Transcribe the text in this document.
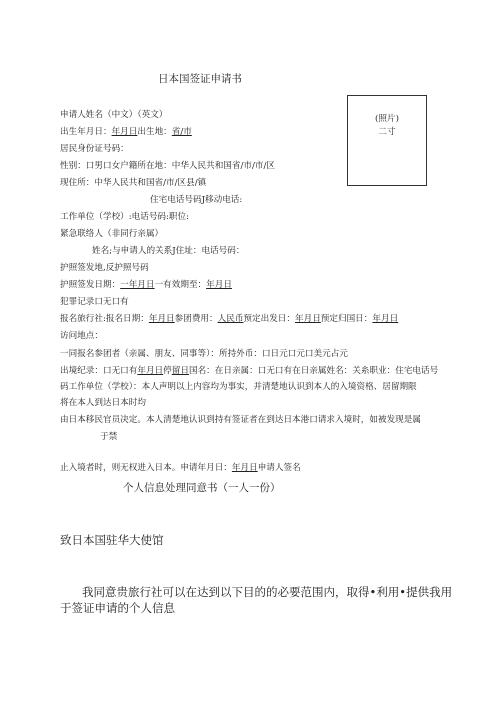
日本国签证申请书
(照片)
二寸
申请人姓名（中文）（英文）
出生年月日：年月日出生地：省/市
居民身份证号码：
性别：口男口女户籍所在地：中华人民共和国省/市/市/区
现住所：中华人民共和国省/市/区县/镇
住宅电话号码J移动电话:
工作单位（学校）:电话号码:职位:
紧急联络人（非同行亲属）
姓名;与申请人的关系J住址：电话号码：
护照签发地,反护照号码
护照签发日期：一年月日一有效期至：年月日
犯罪记录口无口有
报名旅行社:报名日期：年月日参团费用：人民币预定出发日：年月日预定归国日：年月日
访问地点：
一同报名参团者（亲属、朋友、同事等）：所持外币：口日元口元口美元占元
出境纪录：口无口有年月日停留日国名：在日亲属：口无口有在日亲属姓名：关糸职业：住宅电话号
码工作单位（学校）：本人声明以上内容均为事实，并清楚地认识到本人的入境资格、居留期限
将在本人到达日本时均
由日本移民官员决定。本人清楚地认识到持有签证者在到达日本港口请求入境时，如被发现是属
于禁
止入境者时，则无权进入日本。申请年月日：年月日申请人签名
个人信息处理同意书（一人一份）
致日本国驻华大使馆
我同意贵旅行社可以在达到以下目的的必要范围内，取得•利用•提供我用
于签证申请的个人信息
